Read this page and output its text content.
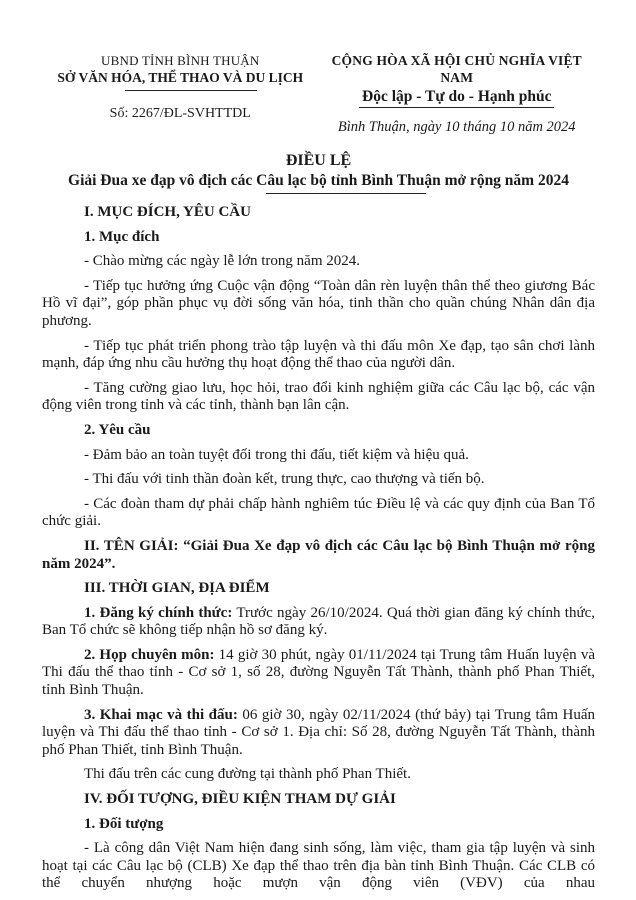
UBND TỈNH BÌNH THUẬN
SỞ VĂN HÓA, THỂ THAO VÀ DU LỊCH
Số: 2267/ĐL-SVHTTDL
CỘNG HÒA XÃ HỘI CHỦ NGHĨA VIỆT NAM
Độc lập - Tự do - Hạnh phúc
Bình Thuận, ngày 10 tháng 10 năm 2024
ĐIỀU LỆ
Giải Đua xe đạp vô địch các Câu lạc bộ tỉnh Bình Thuận mở rộng năm 2024

I. MỤC ĐÍCH, YÊU CẦU

1. Mục đích

- Chào mừng các ngày lễ lớn trong năm 2024.

- Tiếp tục hưởng ứng Cuộc vận động “Toàn dân rèn luyện thân thể theo giương Bác Hồ vĩ đại”, góp phần phục vụ đời sống văn hóa, tinh thần cho quần chúng Nhân dân địa phương.

- Tiếp tục phát triển phong trào tập luyện và thi đấu môn Xe đạp, tạo sân chơi lành mạnh, đáp ứng nhu cầu hưởng thụ hoạt động thể thao của người dân.

- Tăng cường giao lưu, học hỏi, trao đổi kinh nghiệm giữa các Câu lạc bộ, các vận động viên trong tỉnh và các tỉnh, thành bạn lân cận.

2. Yêu cầu

- Đảm bảo an toàn tuyệt đối trong thi đấu, tiết kiệm và hiệu quả.

- Thi đấu với tinh thần đoàn kết, trung thực, cao thượng và tiến bộ.

- Các đoàn tham dự phải chấp hành nghiêm túc Điều lệ và các quy định của Ban Tổ chức giải.

II. TÊN GIẢI: “Giải Đua Xe đạp vô địch các Câu lạc bộ Bình Thuận mở rộng năm 2024”.

III. THỜI GIAN, ĐỊA ĐIỂM

1. Đăng ký chính thức: Trước ngày 26/10/2024. Quá thời gian đăng ký chính thức, Ban Tổ chức sẽ không tiếp nhận hồ sơ đăng ký.

2. Họp chuyên môn: 14 giờ 30 phút, ngày 01/11/2024 tại Trung tâm Huấn luyện và Thi đấu thể thao tỉnh - Cơ sở 1, số 28, đường Nguyễn Tất Thành, thành phố Phan Thiết, tỉnh Bình Thuận.

3. Khai mạc và thi đấu: 06 giờ 30, ngày 02/11/2024 (thứ bảy) tại Trung tâm Huấn luyện và Thi đấu thể thao tỉnh - Cơ sở 1. Địa chỉ: Số 28, đường Nguyễn Tất Thành, thành phố Phan Thiết, tỉnh Bình Thuận.

Thi đấu trên các cung đường tại thành phố Phan Thiết.

IV. ĐỐI TƯỢNG, ĐIỀU KIỆN THAM DỰ GIẢI

1. Đối tượng

- Là công dân Việt Nam hiện đang sinh sống, làm việc, tham gia tập luyện và sinh hoạt tại các Câu lạc bộ (CLB) Xe đạp thể thao trên địa bàn tỉnh Bình Thuận. Các CLB có thể chuyển nhượng hoặc mượn vận động viên (VĐV) của nhau
